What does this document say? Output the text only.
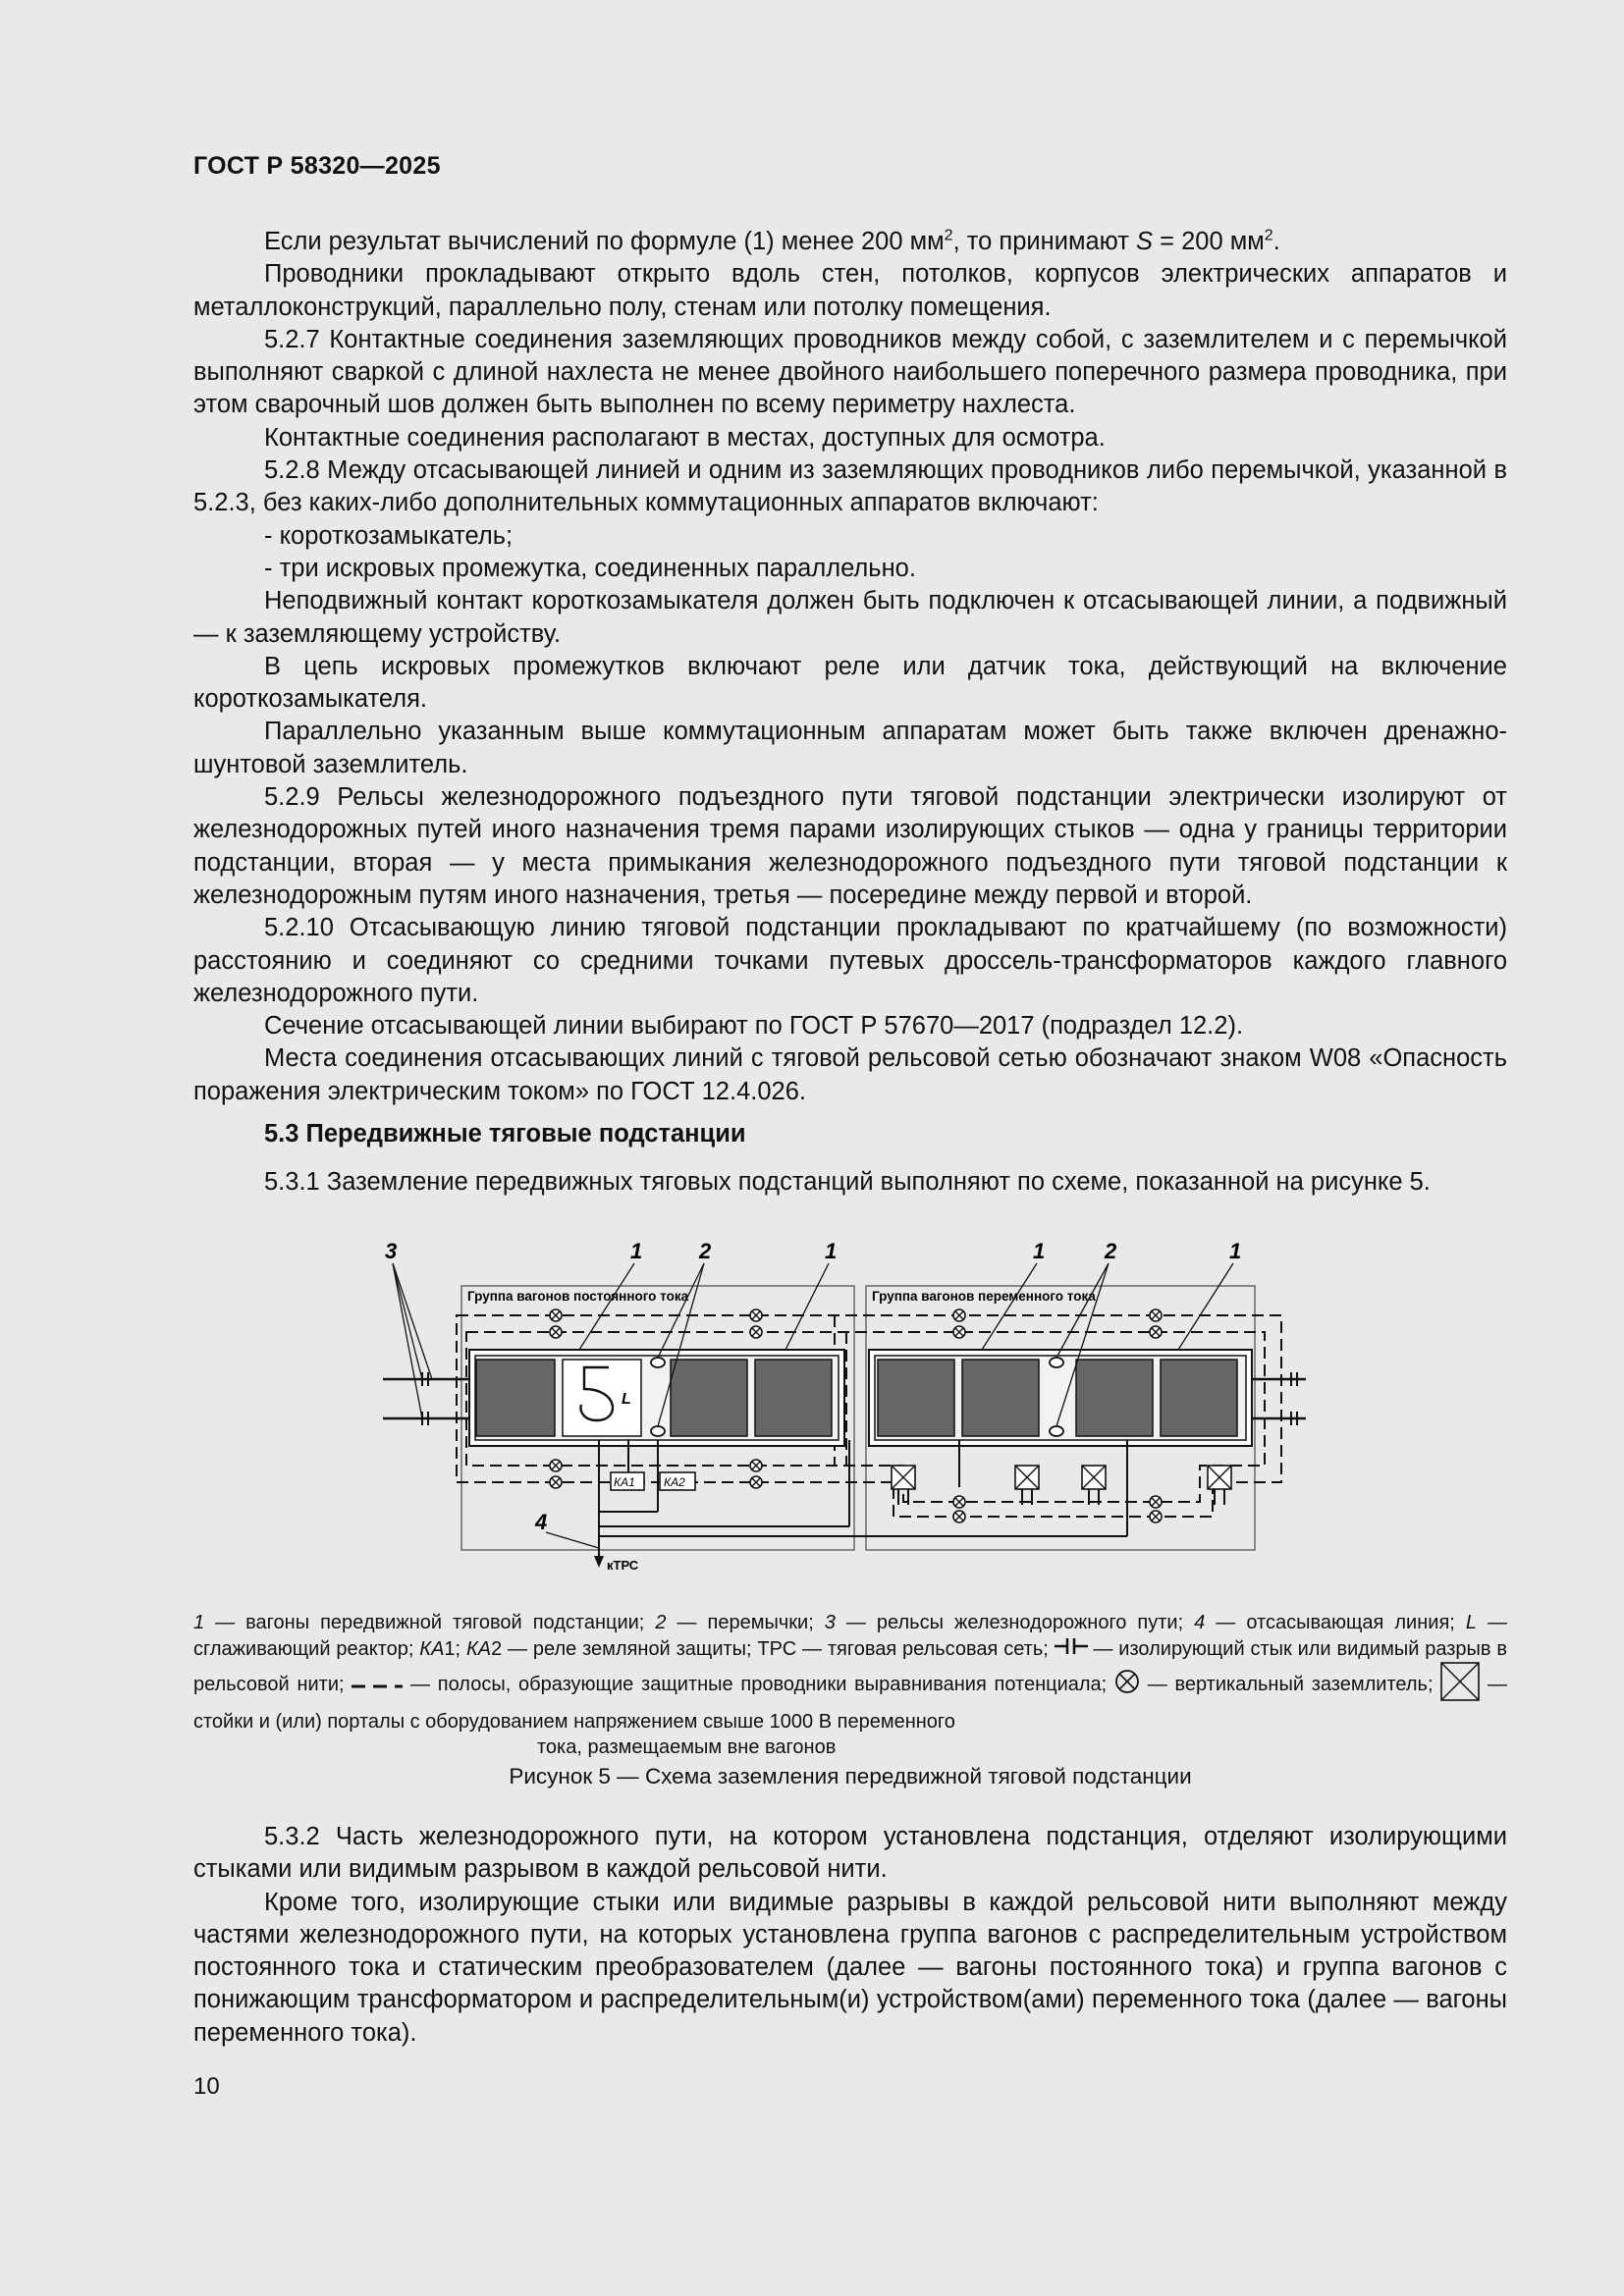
ГОСТ Р 58320—2025

Если результат вычислений по формуле (1) менее 200 $мм^2$, то принимают S = 200 $мм^2$.

Проводники прокладывают открыто вдоль стен, потолков, корпусов электрических аппаратов и металлоконструкций, параллельно полу, стенам или потолку помещения.

5.2.7 Контактные соединения заземляющих проводников между собой, с заземлителем и с перемычкой выполняют сваркой с длиной нахлеста не менее двойного наибольшего поперечного размера проводника, при этом сварочный шов должен быть выполнен по всему периметру нахлеста.

Контактные соединения располагают в местах, доступных для осмотра.

5.2.8 Между отсасывающей линией и одним из заземляющих проводников либо перемычкой, указанной в 5.2.3, без каких-либо дополнительных коммутационных аппаратов включают:

- короткозамыкатель;

- три искровых промежутка, соединенных параллельно.

Неподвижный контакт короткозамыкателя должен быть подключен к отсасывающей линии, а подвижный — к заземляющему устройству.

В цепь искровых промежутков включают реле или датчик тока, действующий на включение короткозамыкателя.

Параллельно указанным выше коммутационным аппаратам может быть также включен дренажно-шунтовой заземлитель.

5.2.9 Рельсы железнодорожного подъездного пути тяговой подстанции электрически изолируют от железнодорожных путей иного назначения тремя парами изолирующих стыков — одна у границы территории подстанции, вторая — у места примыкания железнодорожного подъездного пути тяговой подстанции к железнодорожным путям иного назначения, третья — посередине между первой и второй.

5.2.10 Отсасывающую линию тяговой подстанции прокладывают по кратчайшему (по возможности) расстоянию и соединяют со средними точками путевых дроссель-трансформаторов каждого главного железнодорожного пути.

Сечение отсасывающей линии выбирают по ГОСТ Р 57670—2017 (подраздел 12.2).

Места соединения отсасывающих линий с тяговой рельсовой сетью обозначают знаком W08 «Опасность поражения электрическим током» по ГОСТ 12.4.026.

5.3 Передвижные тяговые подстанции

5.3.1 Заземление передвижных тяговых подстанций выполняют по схеме, показанной на рисунке 5.

Группа вагонов постоянного тока	Группа вагонов переменного тока
L
КА1 КА2
кТРС
3	1	2	1	1	2	1
4
1 — вагоны передвижной тяговой подстанции; 2 — перемычки; 3 — рельсы железнодорожного пути; 4 — отсасывающая линия; L — сглаживающий реактор; КА1; КА2 — реле земляной защиты; ТРС — тяговая рельсовая сеть;  — изолирующий стык или видимый разрыв в рельсовой нити;	— полосы, образующие защитные проводники выравнивания потенциала;  — вертикальный заземлитель;  — стойки и (или) порталы с оборудованием напряжением свыше 1000 В переменного
тока, размещаемым вне вагонов
Рисунок 5 — Схема заземления передвижной тяговой подстанции

5.3.2 Часть железнодорожного пути, на котором установлена подстанция, отделяют изолирующими стыками или видимым разрывом в каждой рельсовой нити.

Кроме того, изолирующие стыки или видимые разрывы в каждой рельсовой нити выполняют между частями железнодорожного пути, на которых установлена группа вагонов с распределительным устройством постоянного тока и статическим преобразователем (далее — вагоны постоянного тока) и группа вагонов с понижающим трансформатором и распределительным(и) устройством(ами) переменного тока (далее — вагоны переменного тока).

10
